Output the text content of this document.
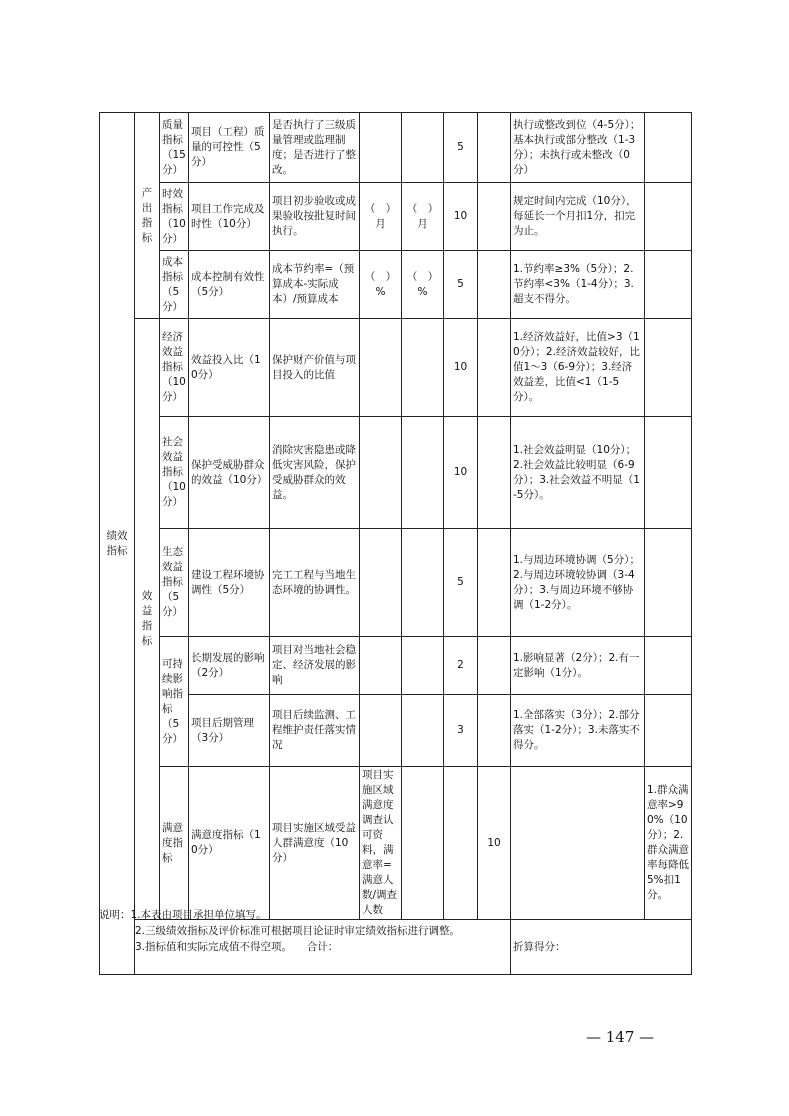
绩效指标	产出指标	质量指标（15分）	项目（工程）质量的可控性（5分）	是否执行了三级质量管理或监理制度；是否进行了整改。			5		执行或整改到位（4-5分）；基本执行或部分整改（1-3分）；未执行或未整改（0分）		
		时效指标（10分）	项目工作完成及时性（10分）	项目初步验收或成果验收按批复时间执行。	（　）月	（　）月	10		规定时间内完成（10分），每延长一个月扣1分，扣完为止。		
		成本指标（5分）	成本控制有效性（5分）	成本节约率=（预算成本-实际成本）/预算成本	（　）%	（　）%	5		1.节约率≥3%（5分）；2.节约率<3%（1-4分）；3.超支不得分。		
	效益指标	经济效益指标（10分）	效益投入比（10分）	保护财产价值与项目投入的比值			10		1.经济效益好，比值>3（10分）；2.经济效益较好，比值1～3（6-9分）；3.经济效益差，比值<1（1-5分）。		
		社会效益指标（10分）	保护受威胁群众的效益（10分）	消除灾害隐患或降低灾害风险，保护受威胁群众的效益。			10		1.社会效益明显（10分）；2.社会效益比较明显（6-9分）；3.社会效益不明显（1-5分）。		
		生态效益指标（5分）	建设工程环境协调性（5分）	完工工程与当地生态环境的协调性。			5		1.与周边环境协调（5分）；2.与周边环境较协调（3-4分）；3.与周边环境不够协调（1-2分）。		
		可持续影响指标（5分）	长期发展的影响（2分）	项目对当地社会稳定、经济发展的影响			2		1.影响显著（2分）；2.有一定影响（1分）。		
			项目后期管理（3分）	项目后续监测、工程维护责任落实情况			3		1.全部落实（3分）；2.部分落实（1-2分）；3.未落实不得分。		
		满意度指标	满意度指标（10分）	项目实施区域受益人群满意度（10分）	项目实施区域满意度调查认可资料，满意率=满意人数/调查人数			10		1.群众满意率>90%（10分）；2.群众满意率每降低5%扣1分。	
	合计：								折算得分：		
说明：1.本表由项目承担单位填写。
2.三级绩效指标及评价标准可根据项目论证时审定绩效指标进行调整。
3.指标值和实际完成值不得空项。
— 147 —
